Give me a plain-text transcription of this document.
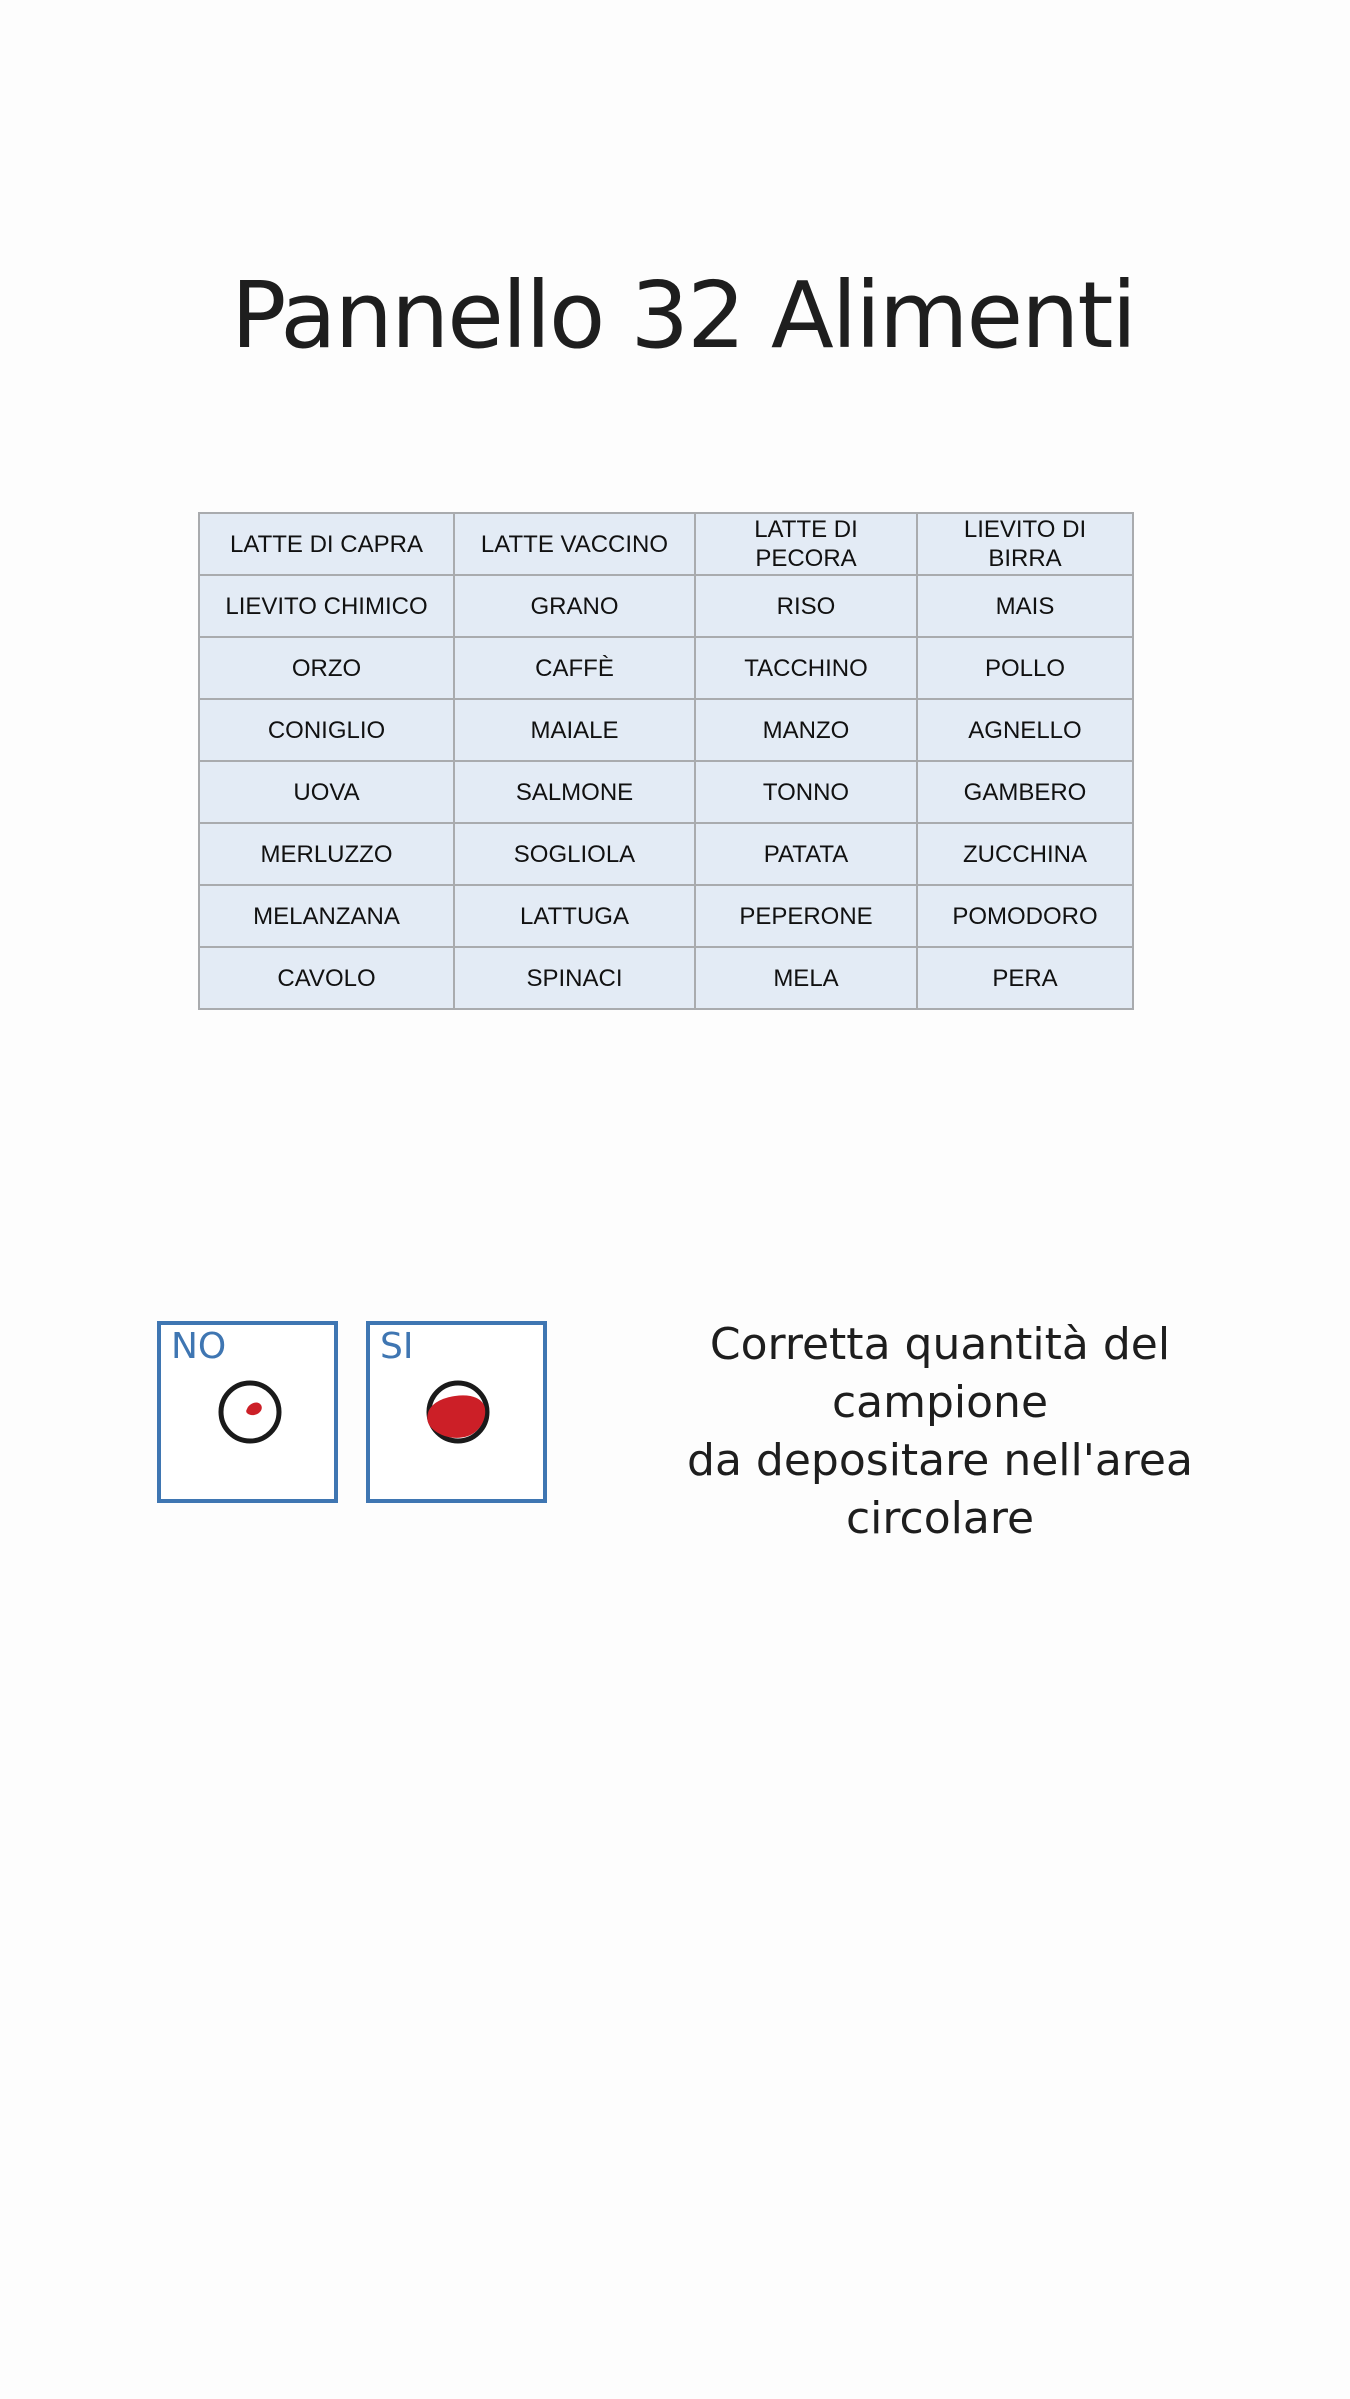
Pannello 32 Alimenti
LATTE DI CAPRA	LATTE VACCINO	LATTE DI PECORA	LIEVITO DI BIRRA
LIEVITO CHIMICO	GRANO	RISO	MAIS
ORZO	CAFFÈ	TACCHINO	POLLO
CONIGLIO	MAIALE	MANZO	AGNELLO
UOVA	SALMONE	TONNO	GAMBERO
MERLUZZO	SOGLIOLA	PATATA	ZUCCHINA
MELANZANA	LATTUGA	PEPERONE	POMODORO
CAVOLO	SPINACI	MELA	PERA
NO	SI	Corretta quantità del campione
da depositare nell'area circolare
